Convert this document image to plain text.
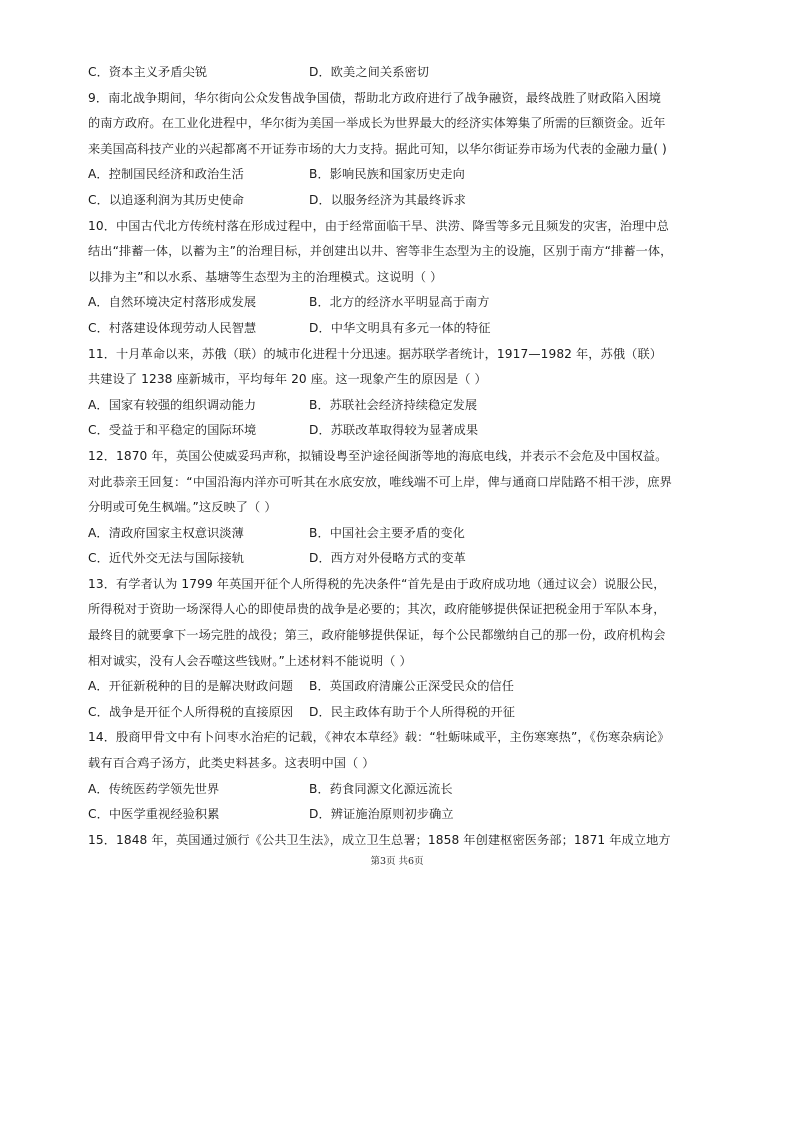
C．资本主义矛盾尖锐	D．欧美之间关系密切
9．南北战争期间，华尔街向公众发售战争国债，帮助北方政府进行了战争融资，最终战胜了财政陷入困境
的南方政府。在工业化进程中，华尔街为美国一举成长为世界最大的经济实体筹集了所需的巨额资金。近年
来美国高科技产业的兴起都离不开证券市场的大力支持。据此可知，以华尔街证券市场为代表的金融力量( )
A．控制国民经济和政治生活	B．影响民族和国家历史走向
C．以追逐利润为其历史使命	D．以服务经济为其最终诉求
10．中国古代北方传统村落在形成过程中，由于经常面临干旱、洪涝、降雪等多元且频发的灾害，治理中总
结出“排蓄一体，以蓄为主”的治理目标，并创建出以井、窖等非生态型为主的设施，区别于南方“排蓄一体，
以排为主”和以水系、基塘等生态型为主的治理模式。这说明（ ）
A．自然环境决定村落形成发展	B．北方的经济水平明显高于南方
C．村落建设体现劳动人民智慧	D．中华文明具有多元一体的特征
11．十月革命以来，苏俄（联）的城市化进程十分迅速。据苏联学者统计，1917—1982 年，苏俄（联）
共建设了 1238 座新城市，平均每年 20 座。这一现象产生的原因是（ ）
A．国家有较强的组织调动能力	B．苏联社会经济持续稳定发展
C．受益于和平稳定的国际环境	D．苏联改革取得较为显著成果
12．1870 年，英国公使威妥玛声称，拟铺设粤至沪途径闽浙等地的海底电线，并表示不会危及中国权益。
对此恭亲王回复：“中国沿海内洋亦可听其在水底安放，唯线端不可上岸，俾与通商口岸陆路不相干涉，庶界
分明或可免生枫端。”这反映了（ ）
A．清政府国家主权意识淡薄	B．中国社会主要矛盾的变化
C．近代外交无法与国际接轨	D．西方对外侵略方式的变革
13．有学者认为 1799 年英国开征个人所得税的先决条件“首先是由于政府成功地（通过议会）说服公民，
所得税对于资助一场深得人心的即使昂贵的战争是必要的；其次，政府能够提供保证把税金用于军队本身，
最终目的就要拿下一场完胜的战役；第三，政府能够提供保证，每个公民都缴纳自己的那一份，政府机构会
相对诚实，没有人会吞噬这些钱财。”上述材料不能说明（ ）
A．开征新税种的目的是解决财政问题	B．英国政府清廉公正深受民众的信任
C．战争是开征个人所得税的直接原因	D．民主政体有助于个人所得税的开征
14．殷商甲骨文中有卜问枣水治疟的记载，《神农本草经》载：“牡蛎味咸平，主伤寒寒热”，《伤寒杂病论》
载有百合鸡子汤方，此类史料甚多。这表明中国（ ）
A．传统医药学领先世界	B．药食同源文化源远流长
C．中医学重视经验积累	D．辨证施治原则初步确立
15．1848 年，英国通过颁行《公共卫生法》，成立卫生总署；1858 年创建枢密医务部；1871 年成立地方
第3页 共6页
